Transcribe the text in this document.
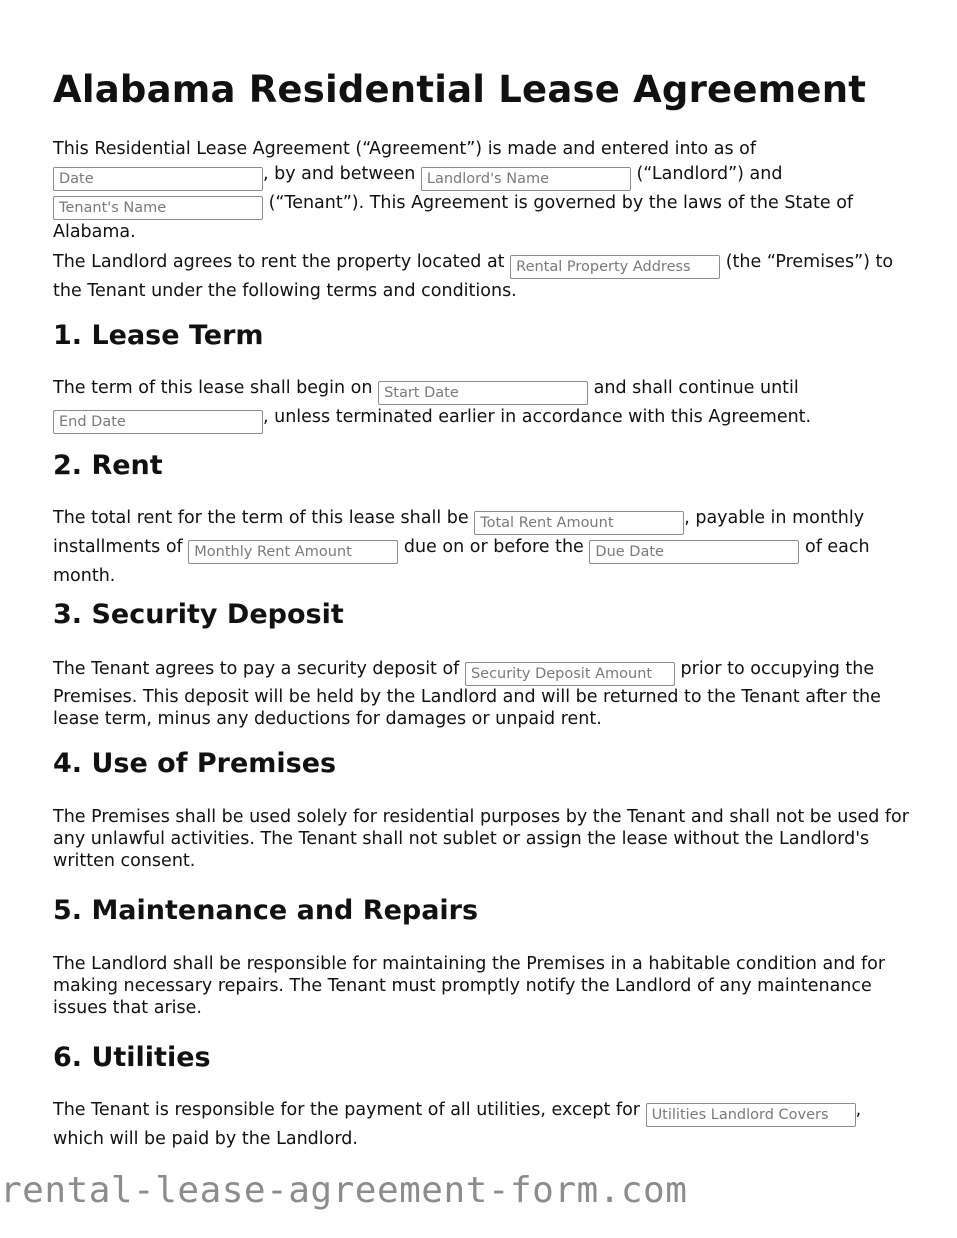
Alabama Residential Lease Agreement

This Residential Lease Agreement (“Agreement”) is made and entered into as of Date, by and between Landlord's Name	(“Landlord”) and Tenant's Name (“Tenant”). This Agreement is governed by the laws of the State of Alabama.

The Landlord agrees to rent the property located at Rental Property Address	(the “Premises”) to the Tenant under the following terms and conditions.

1. Lease Term

The term of this lease shall begin on Start Date	and shall continue until End Date, unless terminated earlier in accordance with this Agreement.

2. Rent

The total rent for the term of this lease shall be Total Rent Amount	, payable in monthly installments of Monthly Rent Amount	due on or before the Due Date	of each month.

3. Security Deposit

The Tenant agrees to pay a security deposit of Security Deposit Amount	prior to occupying the Premises. This deposit will be held by the Landlord and will be returned to the Tenant after the lease term, minus any deductions for damages or unpaid rent.

4. Use of Premises

The Premises shall be used solely for residential purposes by the Tenant and shall not be used for any unlawful activities. The Tenant shall not sublet or assign the lease without the Landlord's written consent.

5. Maintenance and Repairs

The Landlord shall be responsible for maintaining the Premises in a habitable condition and for making necessary repairs. The Tenant must promptly notify the Landlord of any maintenance issues that arise.

6. Utilities

The Tenant is responsible for the payment of all utilities, except for Utilities Landlord Covers	, which will be paid by the Landlord.

rental-lease-agreement-form.com
